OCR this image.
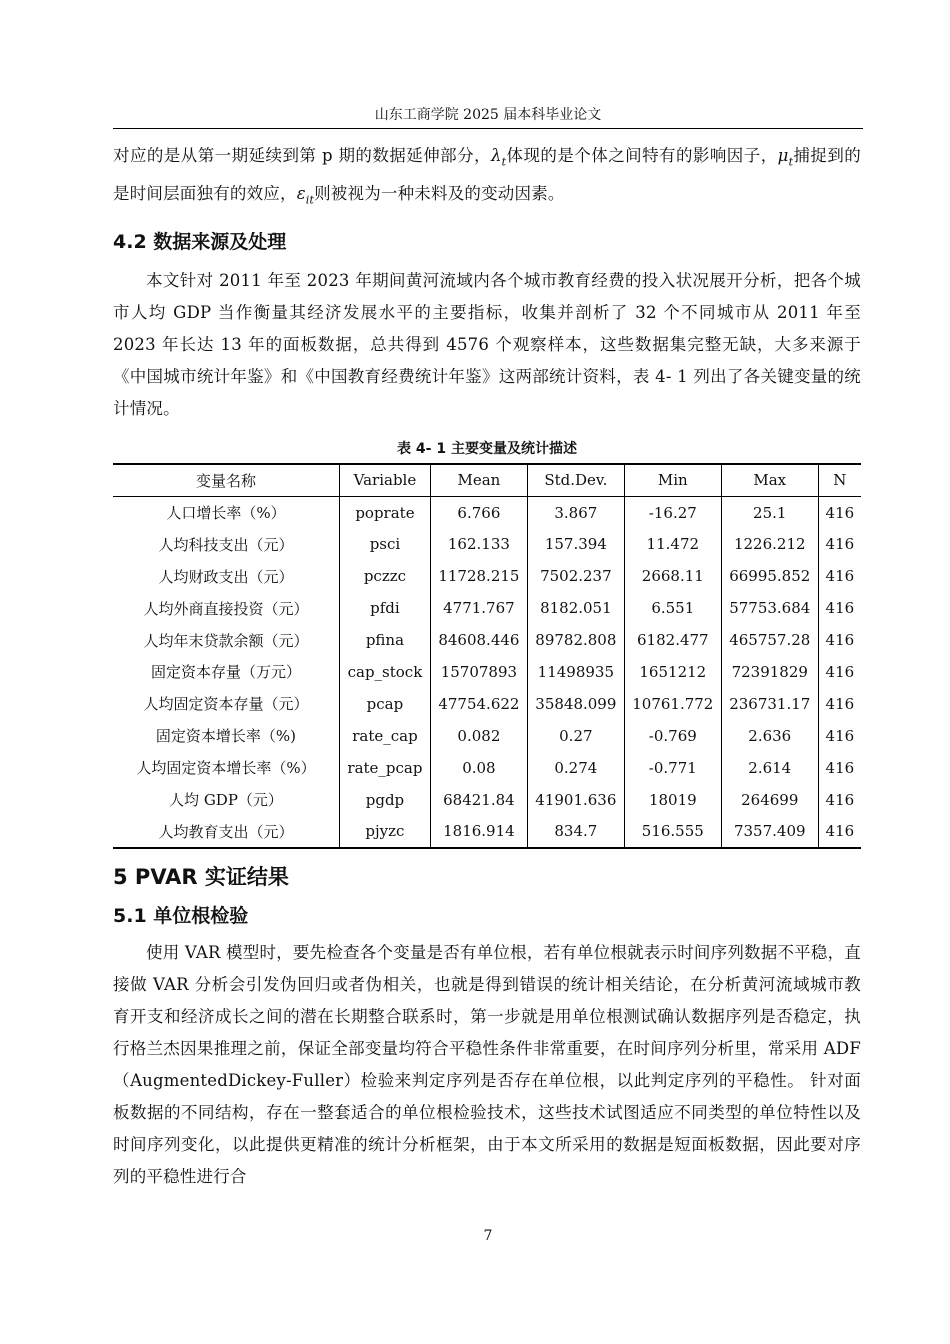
山东工商学院 2025 届本科毕业论文

对应的是从第一期延续到第 p 期的数据延伸部分，$\lambda_t$体现的是个体之间特有的影响因子，$\mu_t$捕捉到的是时间层面独有的效应，$\varepsilon_{it}$则被视为一种未料及的变动因素。

4.2 数据来源及处理

本文针对 2011 年至 2023 年期间黄河流域内各个城市教育经费的投入状况展开分析，把各个城市人均 GDP 当作衡量其经济发展水平的主要指标，收集并剖析了 32 个不同城市从 2011 年至 2023 年长达 13 年的面板数据，总共得到 4576 个观察样本，这些数据集完整无缺，大多来源于《中国城市统计年鉴》和《中国教育经费统计年鉴》这两部统计资料，表 4- 1 列出了各关键变量的统计情况。

表 4- 1 主要变量及统计描述

变量名称	Variable	Mean	Std.Dev.	Min	Max	N
人口增长率（%）	poprate	6.766	3.867	-16.27	25.1	416
人均科技支出（元）	psci	162.133	157.394	11.472	1226.212	416
人均财政支出（元）	pczzc	11728.215	7502.237	2668.11	66995.852	416
人均外商直接投资（元）	pfdi	4771.767	8182.051	6.551	57753.684	416
人均年末贷款余额（元）	pfina	84608.446	89782.808	6182.477	465757.28	416
固定资本存量（万元）	cap_stock	15707893	11498935	1651212	72391829	416
人均固定资本存量（元）	pcap	47754.622	35848.099	10761.772	236731.17	416
固定资本增长率（%)	rate_cap	0.082	0.27	-0.769	2.636	416
人均固定资本增长率（%）	rate_pcap	0.08	0.274	-0.771	2.614	416
人均 GDP（元）	pgdp	68421.84	41901.636	18019	264699	416
人均教育支出（元）	pjyzc	1816.914	834.7	516.555	7357.409	416
5 PVAR 实证结果
5.1 单位根检验

使用 VAR 模型时，要先检查各个变量是否有单位根，若有单位根就表示时间序列数据不平稳，直接做 VAR 分析会引发伪回归或者伪相关，也就是得到错误的统计相关结论，在分析黄河流域城市教育开支和经济成长之间的潜在长期整合联系时，第一步就是用单位根测试确认数据序列是否稳定，执行格兰杰因果推理之前，保证全部变量均符合平稳性条件非常重要，在时间序列分析里，常采用 ADF（AugmentedDickey-Fuller）检验来判定序列是否存在单位根，以此判定序列的平稳性。 针对面板数据的不同结构，存在一整套适合的单位根检验技术，这些技术试图适应不同类型的单位特性以及时间序列变化，以此提供更精准的统计分析框架，由于本文所采用的数据是短面板数据，因此要对序列的平稳性进行合

7
